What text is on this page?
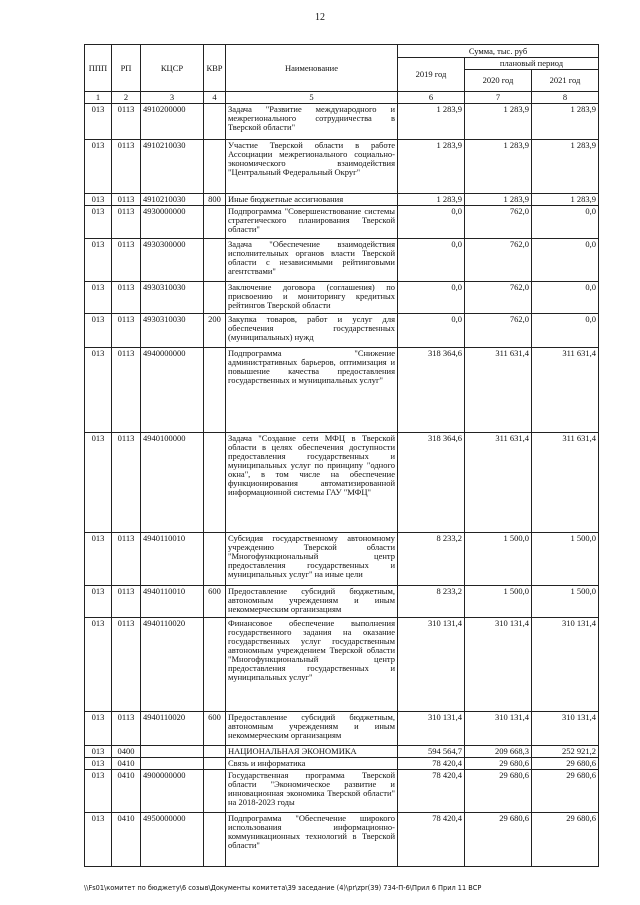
12
ППП	РП	КЦСР	КВР	Наименование	Сумма, тыс. руб		
					2019 год	плановый период	
						2020 год	2021 год
1	2	3	4	5	6	7	8
013	0113	4910200000		Задача "Развитие международного и межрегионального сотрудничества в Тверской области"	1 283,9	1 283,9	1 283,9
013	0113	4910210030		Участие Тверской области в работе Ассоциации межрегионального социально-экономического взаимодействия "Центральный Федеральный Округ"	1 283,9	1 283,9	1 283,9
013	0113	4910210030	800	Иные бюджетные ассигнования	1 283,9	1 283,9	1 283,9
013	0113	4930000000		Подпрограмма "Совершенствование системы стратегического планирования Тверской области"	0,0	762,0	0,0
013	0113	4930300000		Задача "Обеспечение взаимодействия исполнительных органов власти Тверской области с независимыми рейтинговыми агентствами"	0,0	762,0	0,0
013	0113	4930310030		Заключение договора (соглашения) по присвоению и мониторингу кредитных рейтингов Тверской области	0,0	762,0	0,0
013	0113	4930310030	200	Закупка товаров, работ и услуг для обеспечения государственных (муниципальных) нужд	0,0	762,0	0,0
013	0113	4940000000		Подпрограмма "Снижение административных барьеров, оптимизация и повышение качества предоставления государственных и муниципальных услуг"	318 364,6	311 631,4	311 631,4
013	0113	4940100000		Задача "Создание сети МФЦ в Тверской области в целях обеспечения доступности предоставления государственных и муниципальных услуг по принципу "одного окна", в том числе на обеспечение функционирования автоматизированной информационной системы ГАУ "МФЦ"	318 364,6	311 631,4	311 631,4
013	0113	4940110010		Субсидия государственному автономному учреждению Тверской области "Многофункциональный центр предоставления государственных и муниципальных услуг" на иные цели	8 233,2	1 500,0	1 500,0
013	0113	4940110010	600	Предоставление субсидий бюджетным, автономным учреждениям и иным некоммерческим организациям	8 233,2	1 500,0	1 500,0
013	0113	4940110020		Финансовое обеспечение выполнения государственного задания на оказание государственных услуг государственным автономным учреждением Тверской области "Многофункциональный центр предоставления государственных и муниципальных услуг"	310 131,4	310 131,4	310 131,4
013	0113	4940110020	600	Предоставление субсидий бюджетным, автономным учреждениям и иным некоммерческим организациям	310 131,4	310 131,4	310 131,4
013	0400			НАЦИОНАЛЬНАЯ ЭКОНОМИКА	594 564,7	209 668,3	252 921,2
013	0410			Связь и информатика	78 420,4	29 680,6	29 680,6
013	0410	4900000000		Государственная программа Тверской области "Экономическое развитие и инновационная экономика Тверской области" на 2018-2023 годы	78 420,4	29 680,6	29 680,6
013	0410	4950000000		Подпрограмма "Обеспечение широкого использования информационно-коммуникационных технологий в Тверской области"	78 420,4	29 680,6	29 680,6
\\Fs01\комитет по бюджету\6 созыв\Документы комитета\39 заседание (4)\pr\zpr(39) 734-П-6\Прил 6 Прил 11 ВСР
